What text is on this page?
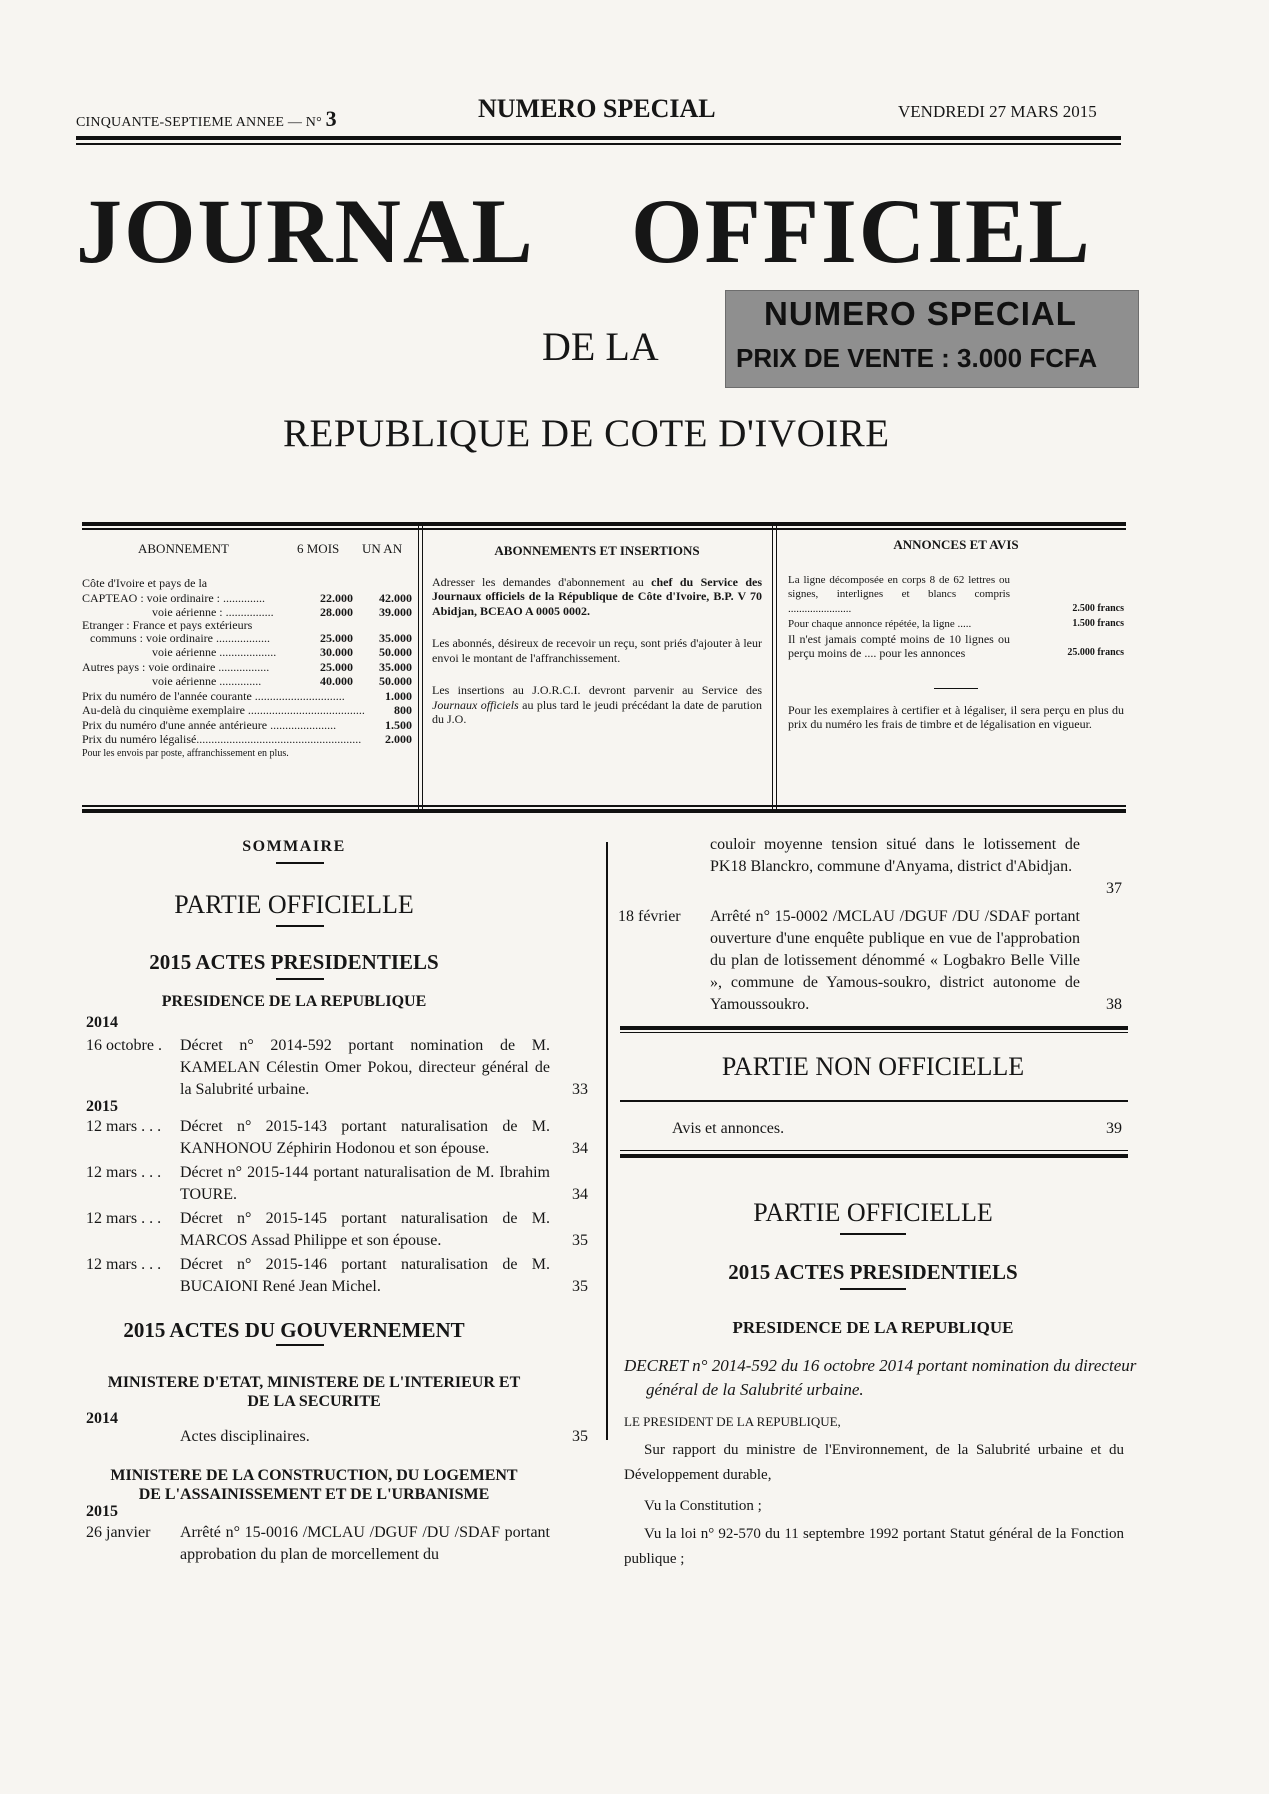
CINQUANTE-SEPTIEME ANNEE — N° 3	NUMERO SPECIAL	VENDREDI 27 MARS 2015
JOURNAL OFFICIEL
DE LA
NUMERO SPECIAL
PRIX DE VENTE : 3.000 FCFA
REPUBLIQUE DE COTE D'IVOIRE
ABONNEMENT	6 MOIS UN AN
Côte d'Ivoire et pays de la
CAPTEAO : voie ordinaire : ..............	22.000	42.000
voie aérienne : ................	28.000	39.000
Etranger : France et pays extérieurs
communs : voie ordinaire ..................	25.000	35.000
voie aérienne ...................	30.000	50.000
Autres pays : voie ordinaire .................	25.000	35.000
voie aérienne ..............	40.000	50.000
Prix du numéro de l'année courante ..............................	1.000
Au-delà du cinquième exemplaire .......................................	800
Prix du numéro d'une année antérieure ......................	1.500
Prix du numéro légalisé.......................................................	2.000
Pour les envois par poste, affranchissement en plus.
ABONNEMENTS ET INSERTIONS
Adresser les demandes d'abonnement au chef du Service des Journaux officiels de la République de Côte d'Ivoire, B.P. V 70 Abidjan, BCEAO A 0005 0002.
Les abonnés, désireux de recevoir un reçu, sont priés d'ajouter à leur envoi le montant de l'affranchissement.
Les insertions au J.O.R.C.I. devront parvenir au Service des Journaux officiels au plus tard le jeudi précédant la date de parution du J.O.
ANNONCES ET AVIS
La ligne décomposée en corps 8 de 62 lettres ou signes, interlignes et blancs compris .......................	2.500 francs
Pour chaque annonce répétée, la ligne .....	1.500 francs
Il n'est jamais compté moins de 10 lignes ou perçu moins de .... pour les annonces	25.000 francs
Pour les exemplaires à certifier et à légaliser, il sera perçu en plus du prix du numéro les frais de timbre et de légalisation en vigueur.
SOMMAIRE
PARTIE OFFICIELLE
2015 ACTES PRESIDENTIELS
PRESIDENCE DE LA REPUBLIQUE
2014
16 octobre . Décret n° 2014-592 portant nomination de M. KAMELAN Célestin Omer Pokou, directeur général de la Salubrité urbaine.	33
2015
12 mars . . . Décret n° 2015-143 portant naturalisation de M. KANHONOU Zéphirin Hodonou et son épouse.	34
12 mars . . . Décret n° 2015-144 portant naturalisation de M. Ibrahim TOURE.	34
12 mars . . . Décret n° 2015-145 portant naturalisation de M. MARCOS Assad Philippe et son épouse.	35
12 mars . . . Décret n° 2015-146 portant naturalisation de M. BUCAIONI René Jean Michel.	35
2015 ACTES DU GOUVERNEMENT
MINISTERE D'ETAT, MINISTERE DE L'INTERIEUR ET DE LA SECURITE
2014
Actes disciplinaires.	35
MINISTERE DE LA CONSTRUCTION, DU LOGEMENT DE L'ASSAINISSEMENT ET DE L'URBANISME
2015
26 janvier Arrêté n° 15-0016 /MCLAU /DGUF /DU /SDAF portant approbation du plan de morcellement du
couloir moyenne tension situé dans le lotissement de PK18 Blanckro, commune d'Anyama, district d'Abidjan.
37
18 février Arrêté n° 15-0002 /MCLAU /DGUF /DU /SDAF portant ouverture d'une enquête publique en vue de l'approbation du plan de lotissement dénommé « Logbakro Belle Ville », commune de Yamous-soukro, district autonome de Yamoussoukro.	38
PARTIE NON OFFICIELLE
Avis et annonces.	39
PARTIE OFFICIELLE
2015 ACTES PRESIDENTIELS
PRESIDENCE DE LA REPUBLIQUE
DECRET n° 2014-592 du 16 octobre 2014 portant nomination du directeur général de la Salubrité urbaine.
LE PRESIDENT DE LA REPUBLIQUE,
Sur rapport du ministre de l'Environnement, de la Salubrité urbaine et du Développement durable,
Vu la Constitution ;
Vu la loi n° 92-570 du 11 septembre 1992 portant Statut général de la Fonction publique ;
